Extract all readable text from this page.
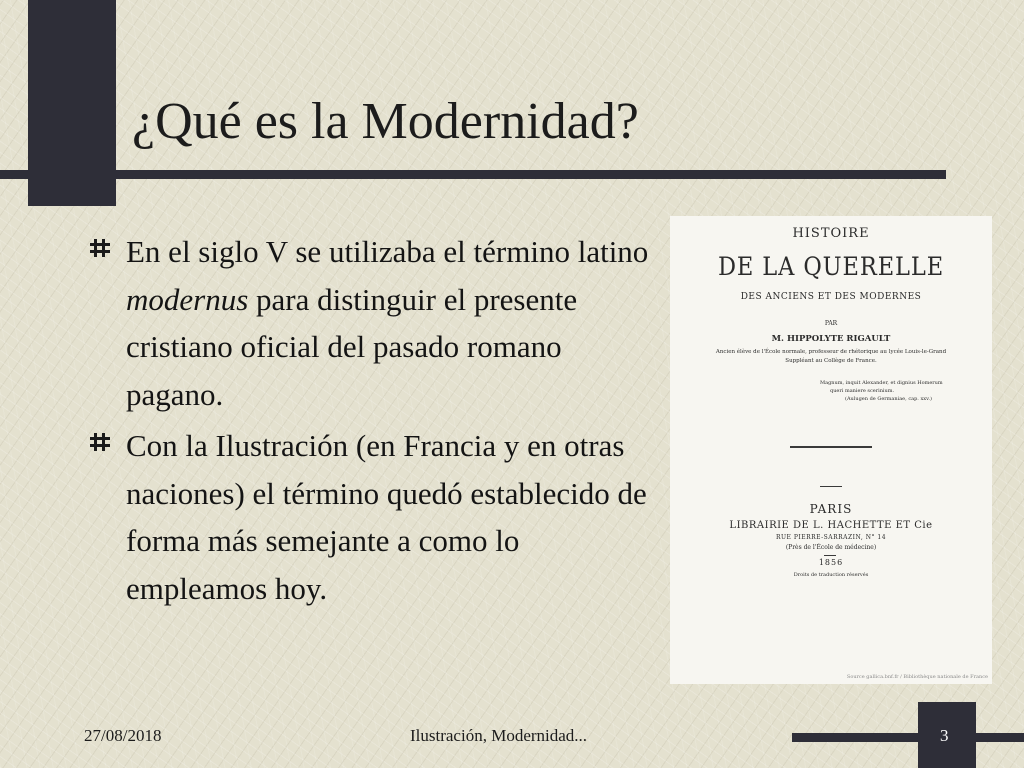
¿Qué es la Modernidad?
En el siglo V se utilizaba el término latino modernus para distinguir el presente cristiano oficial del pasado romano pagano.
Con la Ilustración (en Francia y en otras naciones) el término quedó establecido de forma más semejante a como lo empleamos hoy.
HISTOIRE
DE LA QUERELLE
DES ANCIENS ET DES MODERNES
PAR
M. HIPPOLYTE RIGAULT
Ancien élève de l'École normale, professeur de rhétorique au lycée Louis-le-Grand
Suppléant au Collège de France.
Magnum, inquit Alexander, et dignius Homerum
queri maniere scerinium.
(Aulugen de Germaniae, cap. xxv.)
PARIS
LIBRAIRIE DE L. HACHETTE ET Cie
RUE PIERRE-SARRAZIN, N° 14
(Près de l'École de médecine)
1856
Droits de traduction réservés
Source gallica.bnf.fr / Bibliothèque nationale de France
27/08/2018	Ilustración, Modernidad...	3
